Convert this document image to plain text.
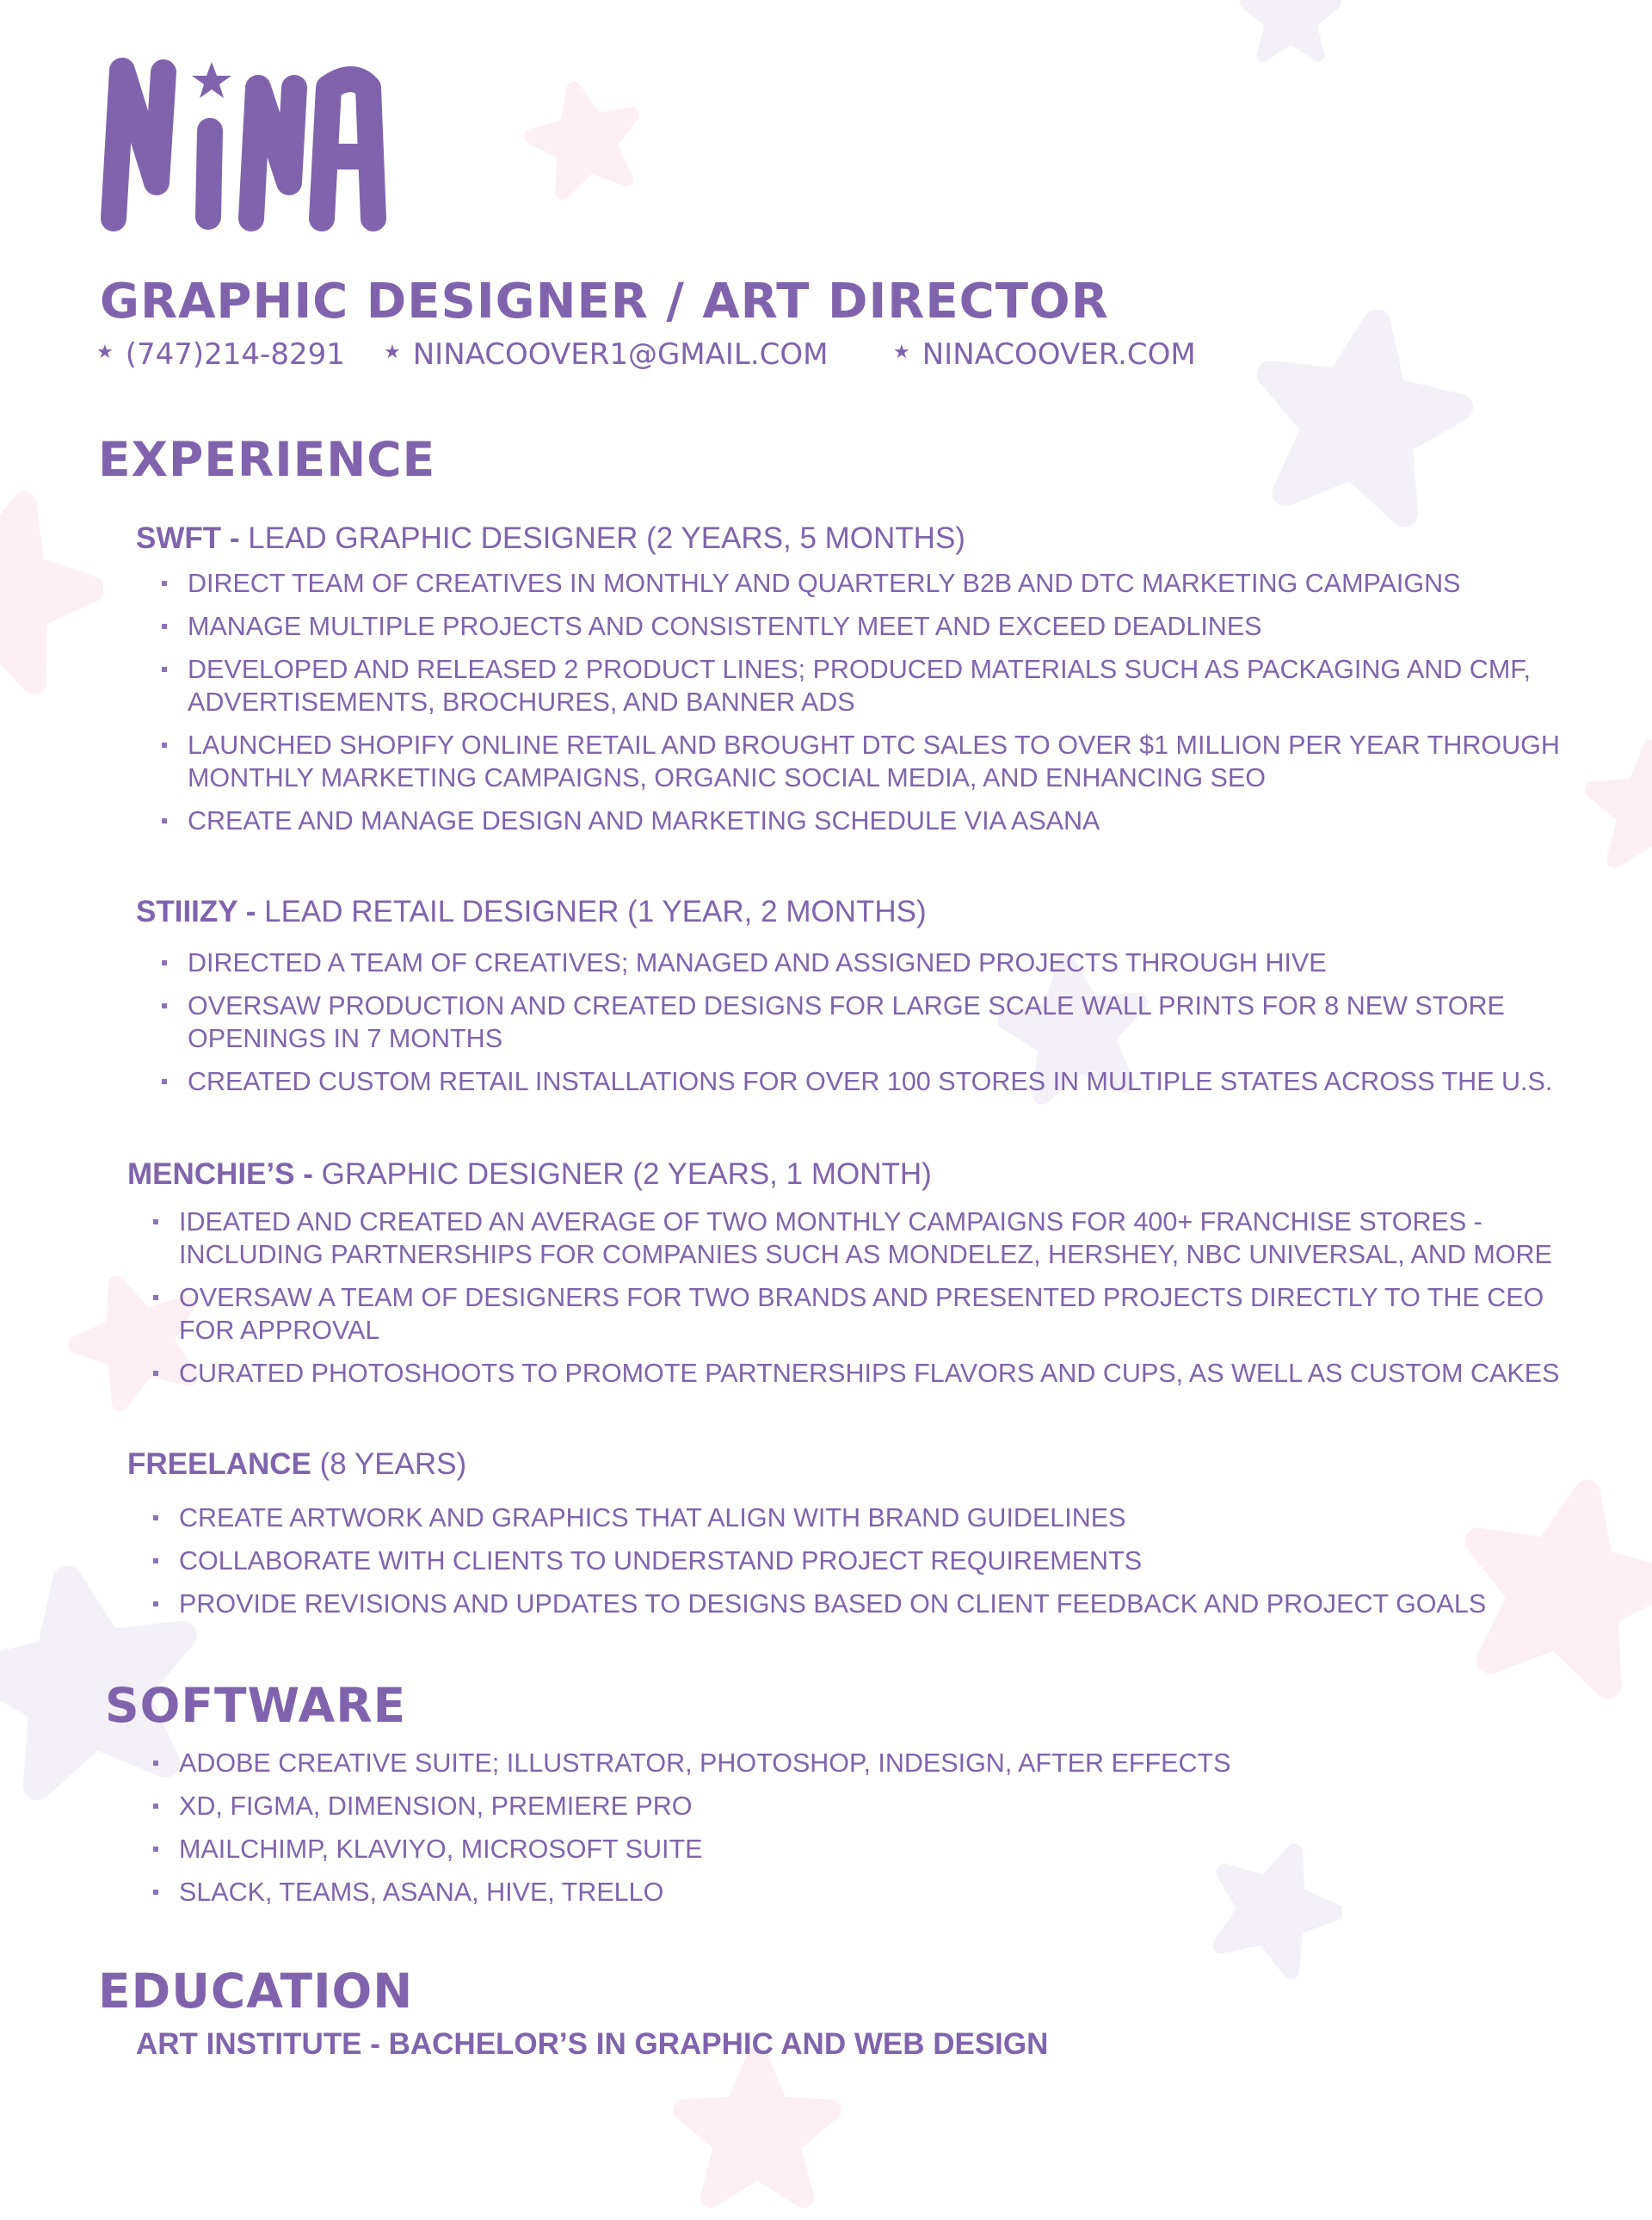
GRAPHIC DESIGNER / ART DIRECTOR
★ (747)214-8291 ★ NINACOOVER1@GMAIL.COM	★ NINACOOVER.COM
EXPERIENCE
SWFT - LEAD GRAPHIC DESIGNER (2 YEARS, 5 MONTHS)
DIRECT TEAM OF CREATIVES IN MONTHLY AND QUARTERLY B2B AND DTC MARKETING CAMPAIGNS
MANAGE MULTIPLE PROJECTS AND CONSISTENTLY MEET AND EXCEED DEADLINES
DEVELOPED AND RELEASED 2 PRODUCT LINES; PRODUCED MATERIALS SUCH AS PACKAGING AND CMF, ADVERTISEMENTS, BROCHURES, AND BANNER ADS
LAUNCHED SHOPIFY ONLINE RETAIL AND BROUGHT DTC SALES TO OVER $1 MILLION PER YEAR THROUGH MONTHLY MARKETING CAMPAIGNS, ORGANIC SOCIAL MEDIA, AND ENHANCING SEO
CREATE AND MANAGE DESIGN AND MARKETING SCHEDULE VIA ASANA
STIIIZY - LEAD RETAIL DESIGNER (1 YEAR, 2 MONTHS)
DIRECTED A TEAM OF CREATIVES; MANAGED AND ASSIGNED PROJECTS THROUGH HIVE
OVERSAW PRODUCTION AND CREATED DESIGNS FOR LARGE SCALE WALL PRINTS FOR 8 NEW STORE OPENINGS IN 7 MONTHS
CREATED CUSTOM RETAIL INSTALLATIONS FOR OVER 100 STORES IN MULTIPLE STATES ACROSS THE U.S.
MENCHIE’S - GRAPHIC DESIGNER (2 YEARS, 1 MONTH)
IDEATED AND CREATED AN AVERAGE OF TWO MONTHLY CAMPAIGNS FOR 400+ FRANCHISE STORES - INCLUDING PARTNERSHIPS FOR COMPANIES SUCH AS MONDELEZ, HERSHEY, NBC UNIVERSAL, AND MORE
OVERSAW A TEAM OF DESIGNERS FOR TWO BRANDS AND PRESENTED PROJECTS DIRECTLY TO THE CEO FOR APPROVAL
CURATED PHOTOSHOOTS TO PROMOTE PARTNERSHIPS FLAVORS AND CUPS, AS WELL AS CUSTOM CAKES
FREELANCE (8 YEARS)
CREATE ARTWORK AND GRAPHICS THAT ALIGN WITH BRAND GUIDELINES
COLLABORATE WITH CLIENTS TO UNDERSTAND PROJECT REQUIREMENTS
PROVIDE REVISIONS AND UPDATES TO DESIGNS BASED ON CLIENT FEEDBACK AND PROJECT GOALS
SOFTWARE
ADOBE CREATIVE SUITE; ILLUSTRATOR, PHOTOSHOP, INDESIGN, AFTER EFFECTS
XD, FIGMA, DIMENSION, PREMIERE PRO
MAILCHIMP, KLAVIYO, MICROSOFT SUITE
SLACK, TEAMS, ASANA, HIVE, TRELLO
EDUCATION
ART INSTITUTE - BACHELOR’S IN GRAPHIC AND WEB DESIGN
